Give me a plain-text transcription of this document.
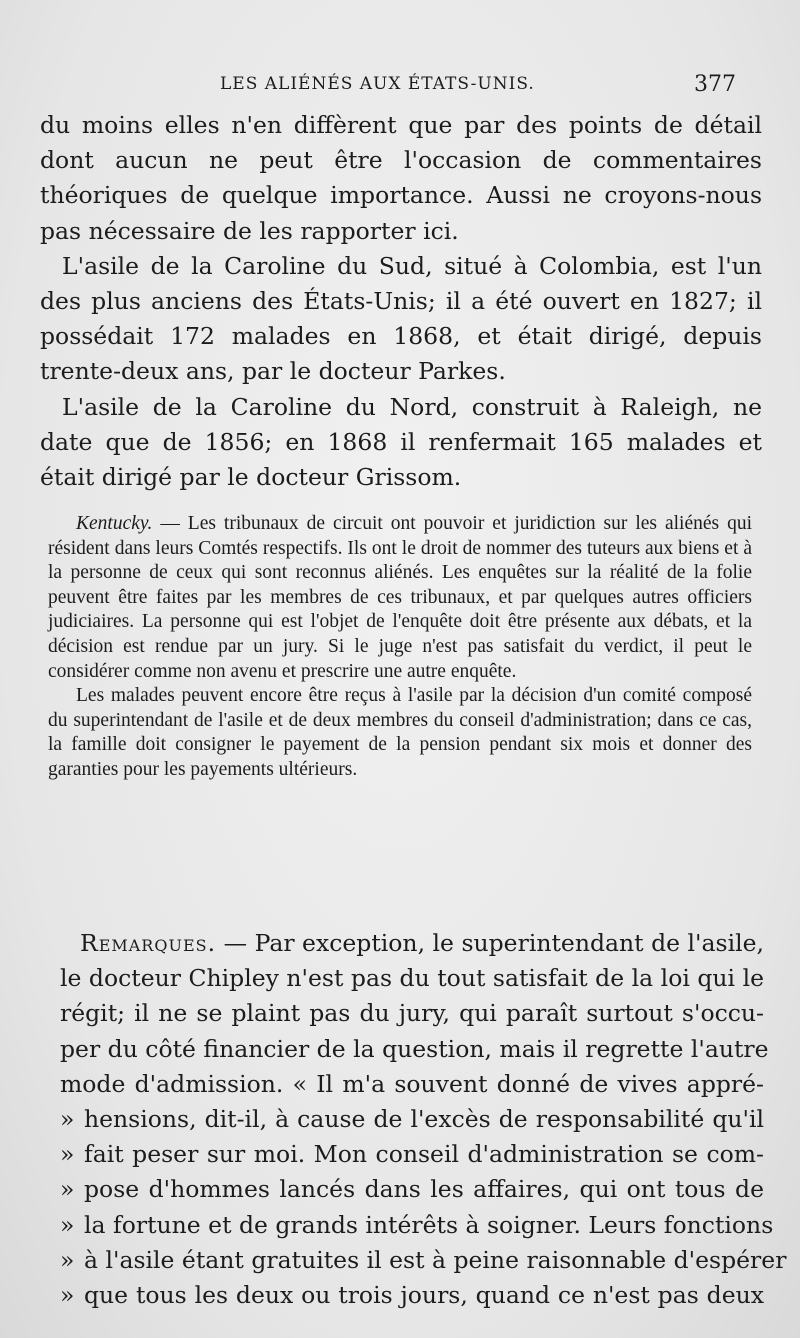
LES ALIÉNÉS AUX ÉTATS-UNIS.	377

du moins elles n'en diffèrent que par des points de détail dont aucun ne peut être l'occasion de commentaires théoriques de quelque importance. Aussi ne croyons-nous pas nécessaire de les rapporter ici.

L'asile de la Caroline du Sud, situé à Colombia, est l'un des plus anciens des États-Unis; il a été ouvert en 1827; il possédait 172 malades en 1868, et était dirigé, depuis trente-deux ans, par le docteur Parkes.

L'asile de la Caroline du Nord, construit à Raleigh, ne date que de 1856; en 1868 il renfermait 165 malades et était dirigé par le docteur Grissom.

Kentucky. — Les tribunaux de circuit ont pouvoir et juridiction sur les aliénés qui résident dans leurs Comtés respectifs. Ils ont le droit de nommer des tuteurs aux biens et à la personne de ceux qui sont reconnus aliénés. Les enquêtes sur la réalité de la folie peuvent être faites par les membres de ces tribunaux, et par quelques autres officiers judiciaires. La personne qui est l'objet de l'enquête doit être présente aux débats, et la décision est rendue par un jury. Si le juge n'est pas satisfait du verdict, il peut le considérer comme non avenu et prescrire une autre enquête.

Les malades peuvent encore être reçus à l'asile par la décision d'un comité composé du superintendant de l'asile et de deux membres du conseil d'administration; dans ce cas, la famille doit consigner le payement de la pension pendant six mois et donner des garanties pour les payements ultérieurs.

Remarques. — Par exception, le superintendant de l'asile,
le docteur Chipley n'est pas du tout satisfait de la loi qui le
régit; il ne se plaint pas du jury, qui paraît surtout s'occu-
per du côté financier de la question, mais il regrette l'autre
mode d'admission. « Il m'a souvent donné de vives appré-
» hensions, dit-il, à cause de l'excès de responsabilité qu'il
» fait peser sur moi. Mon conseil d'administration se com-
» pose d'hommes lancés dans les affaires, qui ont tous de
» la fortune et de grands intérêts à soigner. Leurs fonctions
» à l'asile étant gratuites il est à peine raisonnable d'espérer
» que tous les deux ou trois jours, quand ce n'est pas deux
